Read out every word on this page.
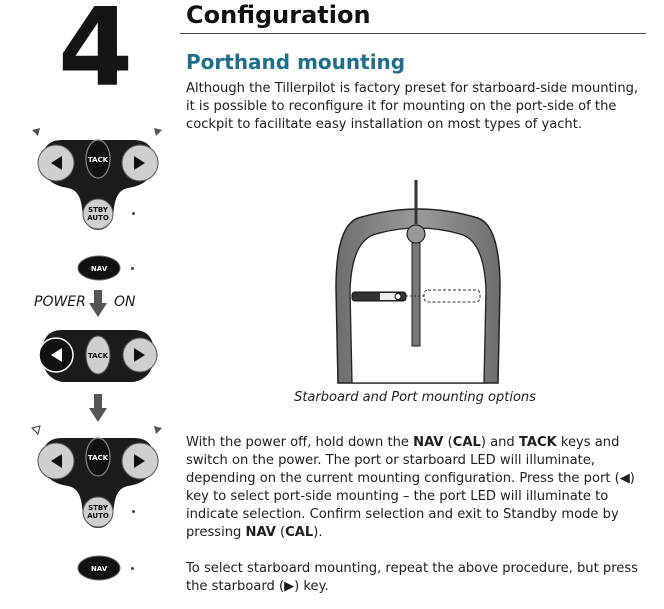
4 Configuration
Porthand mounting

Although the Tillerpilot is factory preset for starboard-side mounting, it is possible to reconfigure it for mounting on the port-side of the cockpit to facilitate easy installation on most types of yacht.

Starboard and Port mounting options
TACK
STBY
AUTO
NAV
POWER ON
TACK
TACK
STBY
AUTO
NAV

With the power off, hold down the NAV (CAL) and TACK keys and switch on the power. The port or starboard LED will illuminate, depending on the current mounting configuration. Press the port (◀) key to select port-side mounting – the port LED will illuminate to indicate selection. Confirm selection and exit to Standby mode by pressing NAV (CAL).

To select starboard mounting, repeat the above procedure, but press the starboard (▶) key.
